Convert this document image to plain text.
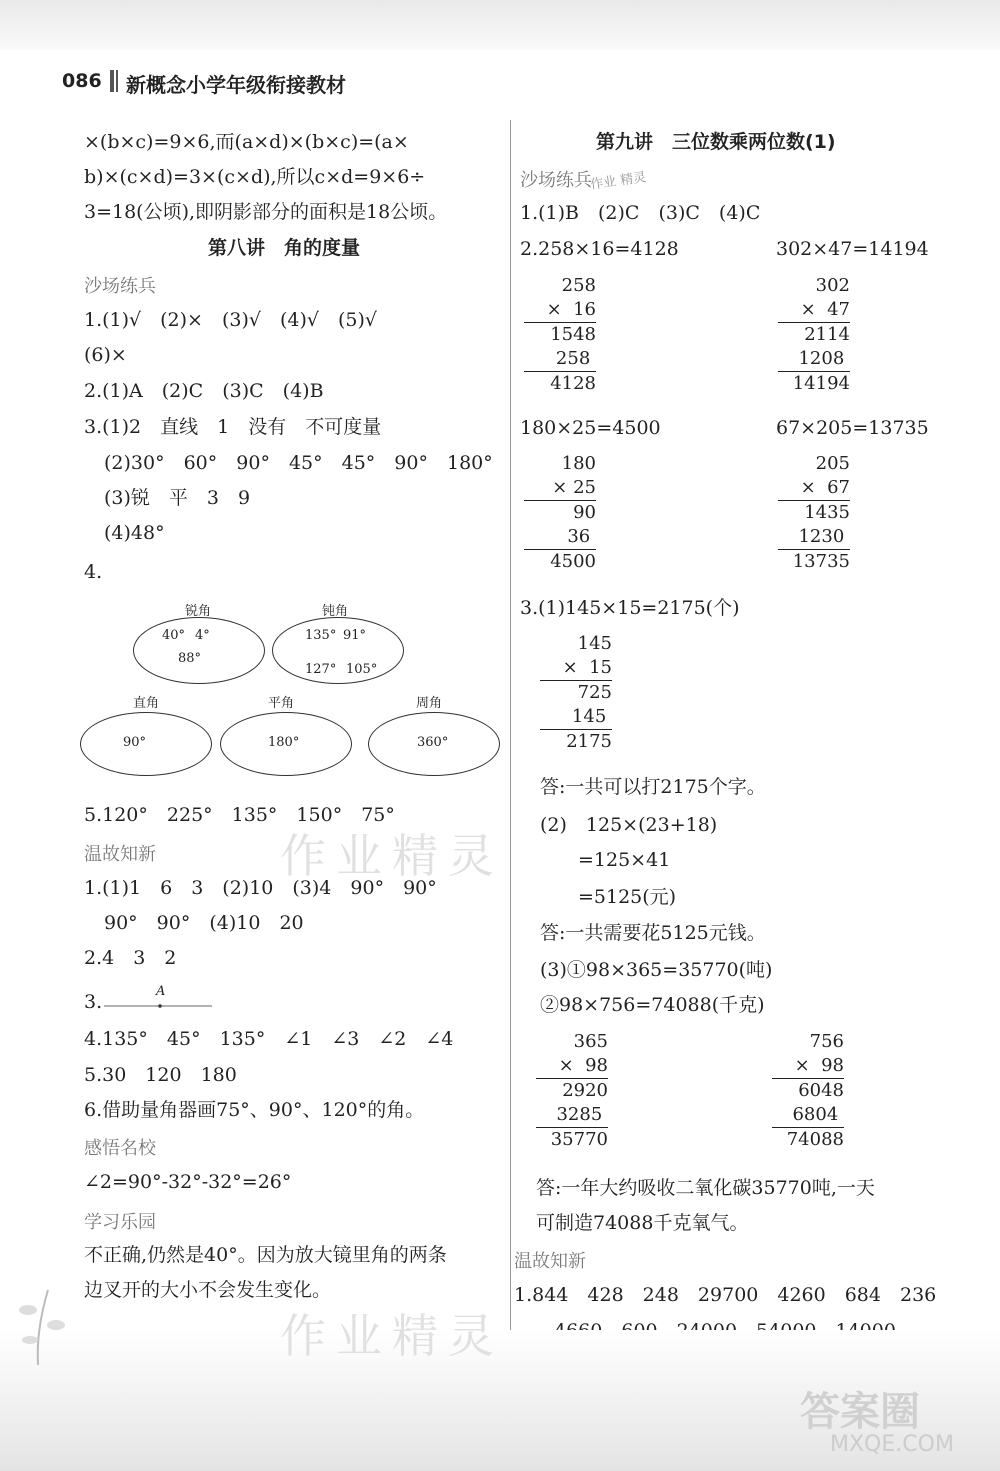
086 新概念小学年级衔接教材
×(b×c)=9×6,而(a×d)×(b×c)=(a×
b)×(c×d)=3×(c×d),所以c×d=9×6÷
3=18(公顷),即阴影部分的面积是18公顷。
第八讲　角的度量
沙场练兵
1.(1)√　(2)×　(3)√　(4)√　(5)√
(6)×
2.(1)A　(2)C　(3)C　(4)B
3.(1)2　直线　1　没有　不可度量
(2)30°　60°　90°　45°　45°　90°　180°
(3)锐　平　3　9
(4)48°
4.
锐角
40° 4°
88°
钝角
135° 91°
127° 105°
直角
90°
平角
180°
周角
360°
5.120°　225°　135°　150°　75°
温故知新
1.(1)1　6　3　(2)10　(3)4　90°　90°
90°　90°　(4)10　20
2.4　3　2
3.	A
4.135°　45°　135°　∠1　∠3　∠2　∠4
5.30　120　180
6.借助量角器画75°、90°、120°的角。
感悟名校
∠2=90°-32°-32°=26°
学习乐园
不正确,仍然是40°。因为放大镜里角的两条
边叉开的大小不会发生变化。
第九讲　三位数乘两位数(1)
沙场练兵
1.(1)B　(2)C　(3)C　(4)C
2.258×16=4128	302×47=14194
258
×  16
1548
258
4128
302
×  47
2114
1208
14194
180×25=4500	67×205=13735
180
× 25
90
36
4500
205
×  67
1435
1230
13735
3.(1)145×15=2175(个)
145
×  15
725
145
2175
答:一共可以打2175个字。
(2)　125×(23+18)
=125×41
=5125(元)
答:一共需要花5125元钱。
(3)①98×365=35770(吨)
②98×756=74088(千克)
365
×  98
2920
3285
35770
756
×  98
6048
6804
74088
答:一年大约吸收二氧化碳35770吨,一天
可制造74088千克氧气。
温故知新
1.844　428　248　29700　4260　684　236
作业 精灵
作业精灵
作业精灵
答案圈
MXQE.COM
